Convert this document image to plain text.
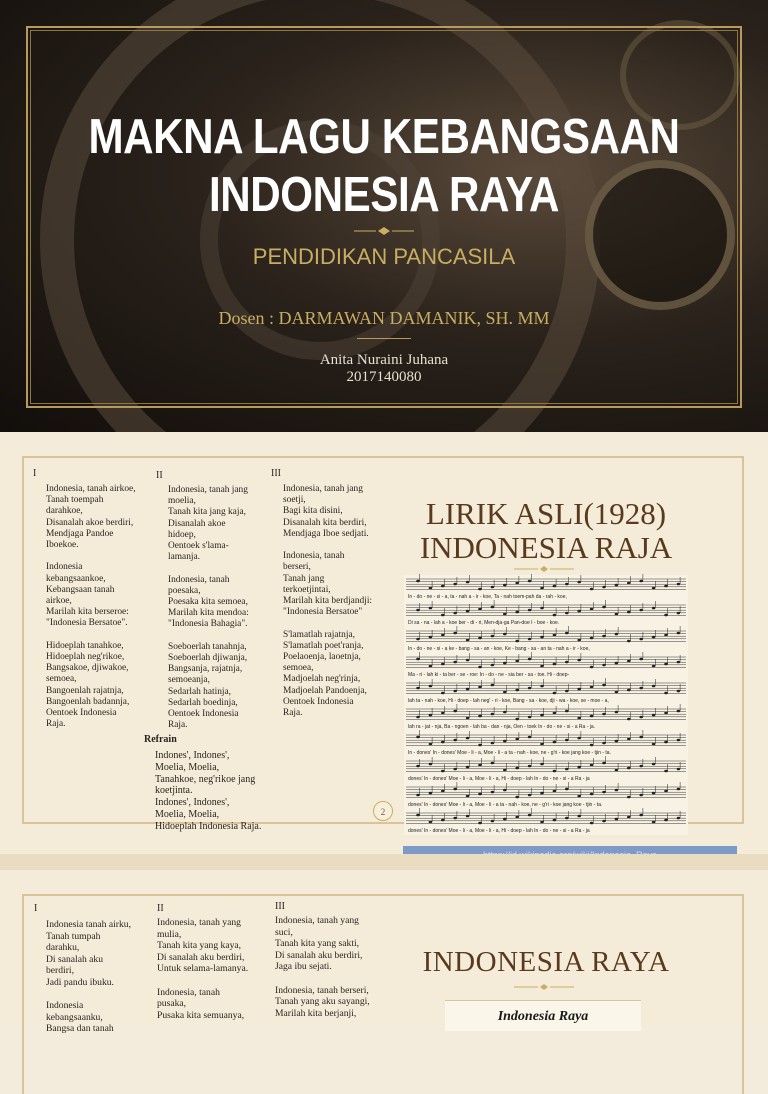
MAKNA LAGU KEBANGSAAN
INDONESIA RAYA
PENDIDIKAN PANCASILA
Dosen : DARMAWAN DAMANIK, SH. MM
Anita Nuraini Juhana
2017140080
I
Indonesia, tanah airkoe,
Tanah toempah
darahkoe,
Disanalah akoe berdiri,
Mendjaga Pandoe
Iboekoe.

Indonesia
kebangsaankoe,
Kebangsaan tanah
airkoe,
Marilah kita berseroe:
"Indonesia Bersatoe".

Hidoeplah tanahkoe,
Hidoeplah neg'rikoe,
Bangsakoe, djiwakoe,
semoea,
Bangoenlah rajatnja,
Bangoenlah badannja,
Oentoek Indonesia
Raja.
II
Indonesia, tanah jang
moelia,
Tanah kita jang kaja,
Disanalah akoe
hidoep,
Oentoek s'lama-
lamanja.

Indonesia, tanah
poesaka,
Poesaka kita semoea,
Marilah kita mendoa:
"Indonesia Bahagia".

Soeboerlah tanahnja,
Soeboerlah djiwanja,
Bangsanja, rajatnja,
semoeanja,
Sedarlah hatinja,
Sedarlah boedinja,
Oentoek Indonesia
Raja.
III
Indonesia, tanah jang
soetji,
Bagi kita disini,
Disanalah kita berdiri,
Mendjaga Iboe sedjati.

Indonesia, tanah
berseri,
Tanah jang
terkoetjintai,
Marilah kita berdjandji:
"Indonesia Bersatoe"

S'lamatlah rajatnja,
S'lamatlah poet'ranja,
Poelaoenja, laoetnja,
semoea,
Madjoelah neg'rinja,
Madjoelah Pandoenja,
Oentoek Indonesia
Raja.
Refrain
Indones', Indones',
Moelia, Moelia,
Tanahkoe, neg'rikoe jang
koetjinta.
Indones', Indones',
Moelia, Moelia,
Hidoeplah Indonesia Raja.
LIRIK ASLI(1928)
INDONESIA RAJA
In - do - ne - si - a, ta - nah a - ir - koe, Ta - nah toem-pah da - rah - koe,
Di sa - na - lah a - koe ber - di - ri, Men-dja-ga Pan-doe I - boe - koe.
In - do - ne - si - a ke - bang - sa - an - koe, Ke - bang - sa - an ta - nah a - ir - koe,
Ma - ri - lah ki - ta ber - se - roe: In - do - ne - sia ber - sa - toe. Hi - doep-
lah ta - nah - koe, Hi - doep - lah neg' - ri - koe, Bang - sa - koe, dji - wa - koe, se - moe - a,
lah ra - jat - nja, Ba - ngoen - lah ba - dan - nja, Oen - toek In - do - ne - si - a Ra - ja.
In - dones' In - dones' Moe - li - a, Moe - li - a ta - nah - koe, ne - g'ri - koe jang koe - tjin - ta.
dones' In - dones' Moe - li - a, Moe - li - a, Hi - doep - lah In - do - ne - si - a Ra - ja
dones' In - dones' Moe - li - a, Moe - li - a ta - nah - koe, ne - g'ri - koe jang koe - tjin - ta.
dones' In - dones' Moe - li - a, Moe - li - a, Hi - doep - lah In - do - ne - si - a Ra - ja
2
I
Indonesia tanah airku,
Tanah tumpah
darahku,
Di sanalah aku
berdiri,
Jadi pandu ibuku.

Indonesia
kebangsaanku,
Bangsa dan tanah
II
Indonesia, tanah yang
mulia,
Tanah kita yang kaya,
Di sanalah aku berdiri,
Untuk selama-lamanya.

Indonesia, tanah
pusaka,
Pusaka kita semuanya,
III
Indonesia, tanah yang
suci,
Tanah kita yang sakti,
Di sanalah aku berdiri,
Jaga ibu sejati.

Indonesia, tanah berseri,
Tanah yang aku sayangi,
Marilah kita berjanji,
INDONESIA RAYA
Indonesia Raya
